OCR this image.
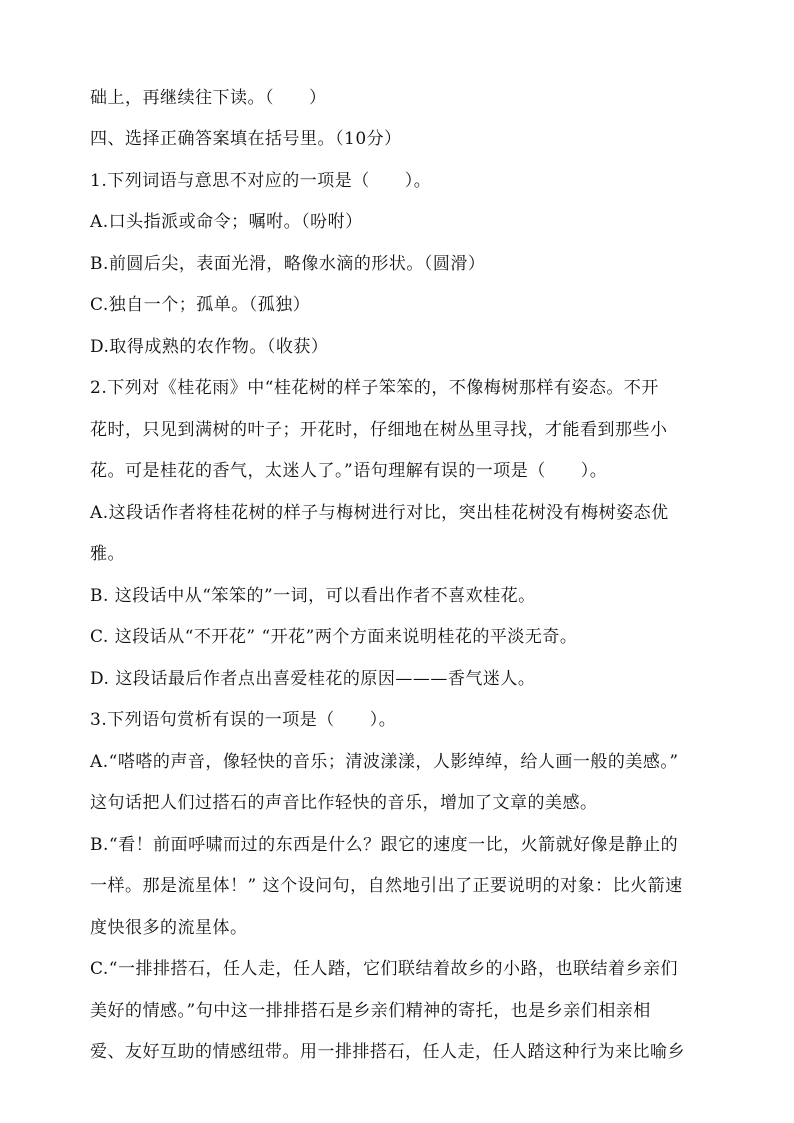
础上，再继续往下读。（　　）
四、选择正确答案填在括号里。（10分）
1.下列词语与意思不对应的一项是（　　）。
A.口头指派或命令；嘱咐。（吩咐）
B.前圆后尖，表面光滑，略像水滴的形状。（圆滑）
C.独自一个；孤单。（孤独）
D.取得成熟的农作物。（收获）
2.下列对《桂花雨》中“桂花树的样子笨笨的，不像梅树那样有姿态。不开
花时，只见到满树的叶子；开花时，仔细地在树丛里寻找，才能看到那些小
花。可是桂花的香气，太迷人了。”语句理解有误的一项是（　　）。
A.这段话作者将桂花树的样子与梅树进行对比，突出桂花树没有梅树姿态优
雅。
B. 这段话中从“笨笨的”一词，可以看出作者不喜欢桂花。
C. 这段话从“不开花” “开花”两个方面来说明桂花的平淡无奇。
D. 这段话最后作者点出喜爱桂花的原因———香气迷人。
3.下列语句赏析有误的一项是（　　）。
A.“嗒嗒的声音，像轻快的音乐；清波漾漾，人影绰绰，给人画一般的美感。”
这句话把人们过搭石的声音比作轻快的音乐，增加了文章的美感。
B.“看！前面呼啸而过的东西是什么？跟它的速度一比，火箭就好像是静止的
一样。那是流星体！” 这个设问句，自然地引出了正要说明的对象：比火箭速
度快很多的流星体。
C.“一排排搭石，任人走，任人踏，它们联结着故乡的小路，也联结着乡亲们
美好的情感。”句中这一排排搭石是乡亲们精神的寄托，也是乡亲们相亲相
爱、友好互助的情感纽带。用一排排搭石，任人走，任人踏这种行为来比喻乡
